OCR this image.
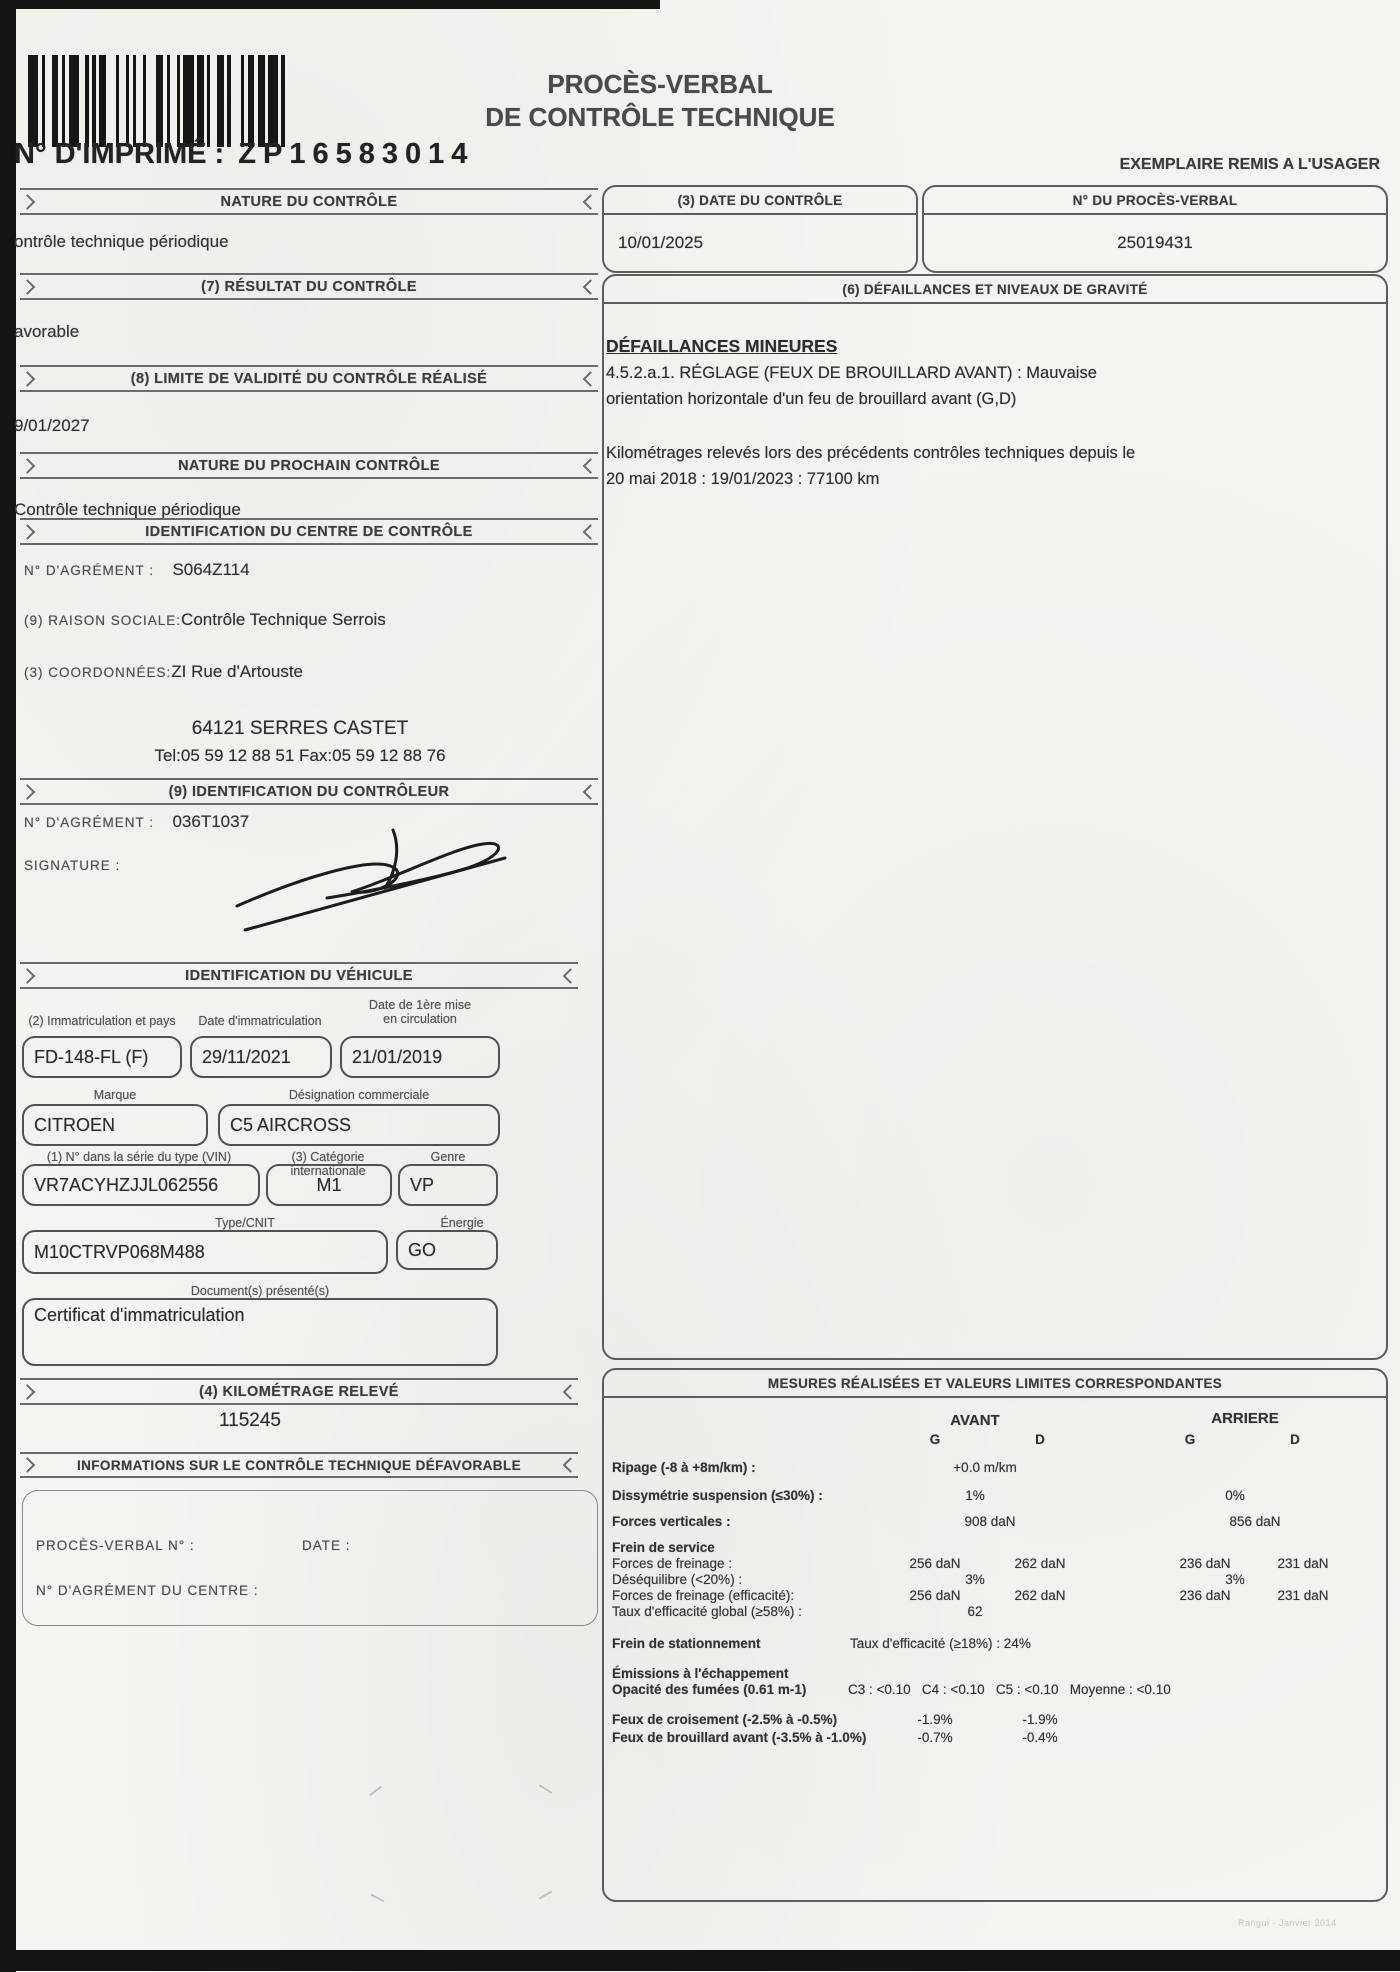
N° D'IMPRIMÉ : ZP16583014
PROCÈS-VERBAL
DE CONTRÔLE TECHNIQUE
EXEMPLAIRE REMIS A L'USAGER
NATURE DU CONTRÔLE
ontrôle technique périodique
(7) RÉSULTAT DU CONTRÔLE
avorable
(8) LIMITE DE VALIDITÉ DU CONTRÔLE RÉALISÉ
9/01/2027
NATURE DU PROCHAIN CONTRÔLE
Contrôle technique périodique
IDENTIFICATION DU CENTRE DE CONTRÔLE
N° D'AGRÉMENT : S064Z114
(9) RAISON SOCIALE:Contrôle Technique Serrois
(3) COORDONNÉES:ZI Rue d'Artouste
64121 SERRES CASTET
Tel:05 59 12 88 51 Fax:05 59 12 88 76
(9) IDENTIFICATION DU CONTRÔLEUR
N° D'AGRÉMENT : 036T1037
SIGNATURE :
IDENTIFICATION DU VÉHICULE
(2) Immatriculation et pays	Date d'immatriculation
Date de 1ère mise
en circulation
FD-148-FL (F)	29/11/2021	21/01/2019
Marque	Désignation commerciale
CITROEN	C5 AIRCROSS
(1) N° dans la série du type (VIN)	(3) Catégorie internationale
Genre
VR7ACYHZJJL062556	M1	VP
Type/CNIT	Énergie
M10CTRVP068M488	GO
Document(s) présenté(s)
Certificat d'immatriculation
(4) KILOMÉTRAGE RELEVÉ
115245
INFORMATIONS SUR LE CONTRÔLE TECHNIQUE DÉFAVORABLE
PROCÈS-VERBAL N° :	DATE :
N° D'AGRÉMENT DU CENTRE :
(3) DATE DU CONTRÔLE
10/01/2025
N° DU PROCÈS-VERBAL
25019431
(6) DÉFAILLANCES ET NIVEAUX DE GRAVITÉ
DÉFAILLANCES MINEURES
4.5.2.a.1. RÉGLAGE (FEUX DE BROUILLARD AVANT) : Mauvaise
orientation horizontale d'un feu de brouillard avant (G,D)
Kilométrages relevés lors des précédents contrôles techniques depuis le
20 mai 2018 : 19/01/2023 : 77100 km
MESURES RÉALISÉES ET VALEURS LIMITES CORRESPONDANTES
AVANT	ARRIERE
G	D	G	D
Ripage (-8 à +8m/km) :	+0.0 m/km
Dissymétrie suspension (≤30%) :	1%	0%
Forces verticales :	908 daN	856 daN
Frein de service
Forces de freinage :	256 daN	262 daN	236 daN	231 daN
Déséquilibre (<20%) :	3%	3%
Forces de freinage (efficacité):	256 daN	262 daN	236 daN	231 daN
Taux d'efficacité global (≥58%) :	62
Frein de stationnement	Taux d'efficacité (≥18%) : 24%
Émissions à l'échappement
Opacité des fumées (0.61 m-1)	C3 : <0.10   C4 : <0.10   C5 : <0.10   Moyenne : <0.10
Feux de croisement (-2.5% à -0.5%)	-1.9%	-1.9%
Feux de brouillard avant (-3.5% à -1.0%)	-0.7%	-0.4%
Rangui - Janvier 2014
